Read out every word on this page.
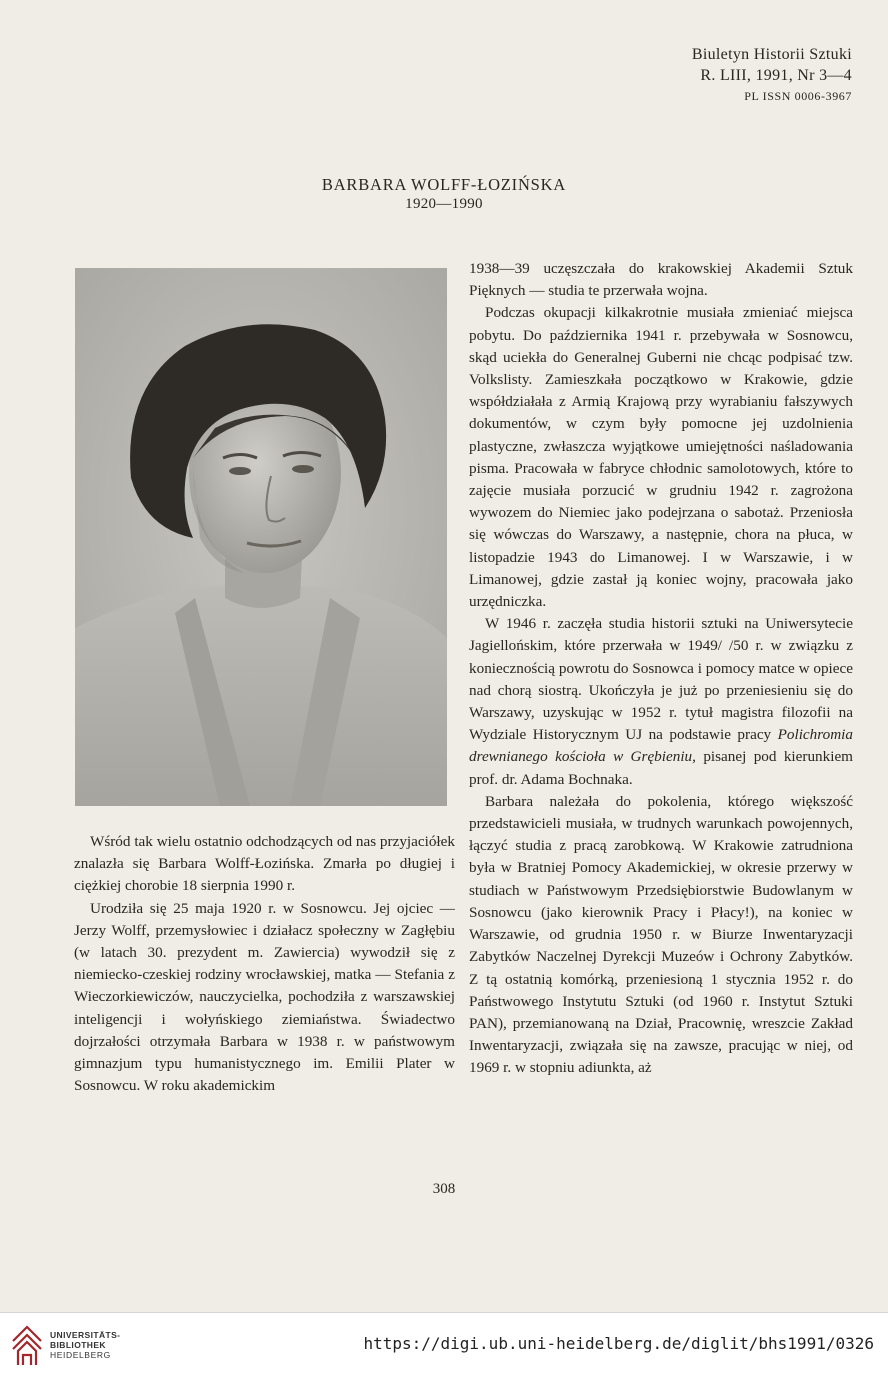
Biuletyn Historii Sztuki
R. LIII, 1991, Nr 3—4
PL ISSN 0006-3967
BARBARA WOLFF-ŁOZIŃSKA
1920—1990

Wśród tak wielu ostatnio odchodzących od nas przyjaciółek znalazła się Barbara Wolff-Łozińska. Zmarła po długiej i ciężkiej chorobie 18 sierpnia 1990 r.

Urodziła się 25 maja 1920 r. w Sosnowcu. Jej ojciec — Jerzy Wolff, przemysłowiec i działacz społeczny w Zagłębiu (w latach 30. prezydent m. Zawiercia) wywodził się z niemiecko-czeskiej rodziny wrocławskiej, matka — Stefania z Wieczorkiewiczów, nauczycielka, pochodziła z warszawskiej inteligencji i wołyńskiego ziemiaństwa. Świadectwo dojrzałości otrzymała Barbara w 1938 r. w państwowym gimnazjum typu humanistycznego im. Emilii Plater w Sosnowcu. W roku akademickim

1938—39 uczęszczała do krakowskiej Akademii Sztuk Pięknych — studia te przerwała wojna.

Podczas okupacji kilkakrotnie musiała zmieniać miejsca pobytu. Do października 1941 r. przebywała w Sosnowcu, skąd uciekła do Generalnej Guberni nie chcąc podpisać tzw. Volkslisty. Zamieszkała początkowo w Krakowie, gdzie współdziałała z Armią Krajową przy wyrabianiu fałszywych dokumentów, w czym były pomocne jej uzdolnienia plastyczne, zwłaszcza wyjątkowe umiejętności naśladowania pisma. Pracowała w fabryce chłodnic samolotowych, które to zajęcie musiała porzucić w grudniu 1942 r. zagrożona wywozem do Niemiec jako podejrzana o sabotaż. Przeniosła się wówczas do Warszawy, a następnie, chora na płuca, w listopadzie 1943 do Limanowej. I w Warszawie, i w Limanowej, gdzie zastał ją koniec wojny, pracowała jako urzędniczka.

W 1946 r. zaczęła studia historii sztuki na Uniwersytecie Jagiellońskim, które przerwała w 1949/ /50 r. w związku z koniecznością powrotu do Sosnowca i pomocy matce w opiece nad chorą siostrą. Ukończyła je już po przeniesieniu się do Warszawy, uzyskując w 1952 r. tytuł magistra filozofii na Wydziale Historycznym UJ na podstawie pracy Polichromia drewnianego kościoła w Grębieniu, pisanej pod kierunkiem prof. dr. Adama Bochnaka.

Barbara należała do pokolenia, którego większość przedstawicieli musiała, w trudnych warunkach powojennych, łączyć studia z pracą zarobkową. W Krakowie zatrudniona była w Bratniej Pomocy Akademickiej, w okresie przerwy w studiach w Państwowym Przedsiębiorstwie Budowlanym w Sosnowcu (jako kierownik Pracy i Płacy!), na koniec w Warszawie, od grudnia 1950 r. w Biurze Inwentaryzacji Zabytków Naczelnej Dyrekcji Muzeów i Ochrony Zabytków. Z tą ostatnią komórką, przeniesioną 1 stycznia 1952 r. do Państwowego Instytutu Sztuki (od 1960 r. Instytut Sztuki PAN), przemianowaną na Dział, Pracownię, wreszcie Zakład Inwentaryzacji, związała się na zawsze, pracując w niej, od 1969 r. w stopniu adiunkta, aż

308
UNIVERSITÄTS-
BIBLIOTHEK
HEIDELBERG
https://digi.ub.uni-heidelberg.de/diglit/bhs1991/0326
